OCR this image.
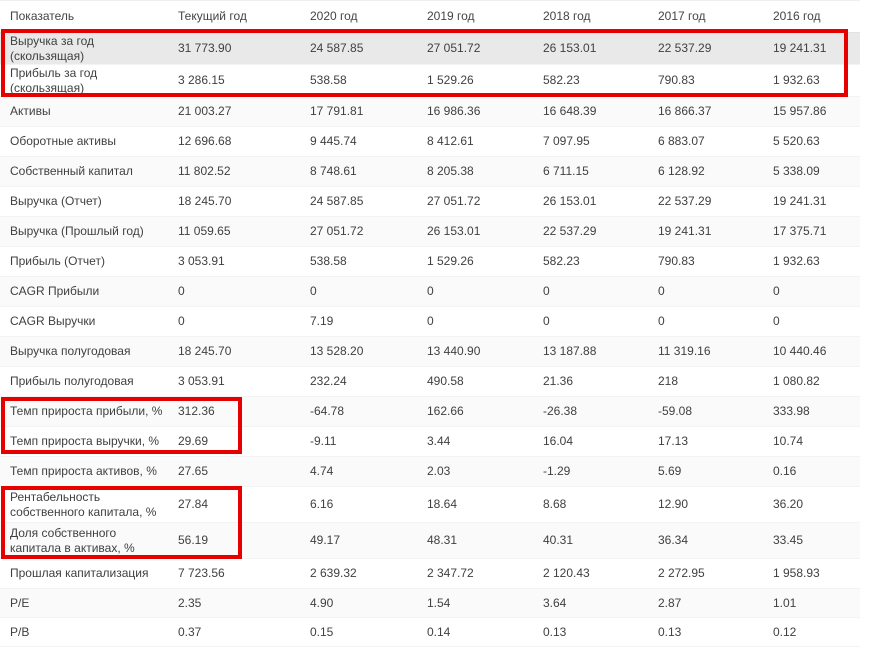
Показатель	Текущий год	2020 год	2019 год	2018 год	2017 год	2016 год
Выручка за год (скользящая)
31 773.90	24 587.85	27 051.72	26 153.01	22 537.29	19 241.31
Прибыль за год (скользящая)
3 286.15	538.58	1 529.26	582.23	790.83	1 932.63
Активы	21 003.27	17 791.81	16 986.36	16 648.39	16 866.37	15 957.86
Оборотные активы	12 696.68	9 445.74	8 412.61	7 097.95	6 883.07	5 520.63
Собственный капитал	11 802.52	8 748.61	8 205.38	6 711.15	6 128.92	5 338.09
Выручка (Отчет)	18 245.70	24 587.85	27 051.72	26 153.01	22 537.29	19 241.31
Выручка (Прошлый год)	11 059.65	27 051.72	26 153.01	22 537.29	19 241.31	17 375.71
Прибыль (Отчет)	3 053.91	538.58	1 529.26	582.23	790.83	1 932.63
CAGR Прибыли	0	0	0	0	0	0
CAGR Выручки	0	7.19	0	0	0	0
Выручка полугодовая	18 245.70	13 528.20	13 440.90	13 187.88	11 319.16	10 440.46
Прибыль полугодовая	3 053.91	232.24	490.58	21.36	218	1 080.82
Темп прироста прибыли, %	312.36	-64.78	162.66	-26.38	-59.08	333.98
Темп прироста выручки, %	29.69	-9.11	3.44	16.04	17.13	10.74
Темп прироста активов, %	27.65	4.74	2.03	-1.29	5.69	0.16
Рентабельность собственного капитала, %
27.84	6.16	18.64	8.68	12.90	36.20
Доля собственного капитала в активах, %
56.19	49.17	48.31	40.31	36.34	33.45
Прошлая капитализация	7 723.56	2 639.32	2 347.72	2 120.43	2 272.95	1 958.93
P/E	2.35	4.90	1.54	3.64	2.87	1.01
P/B	0.37	0.15	0.14	0.13	0.13	0.12
